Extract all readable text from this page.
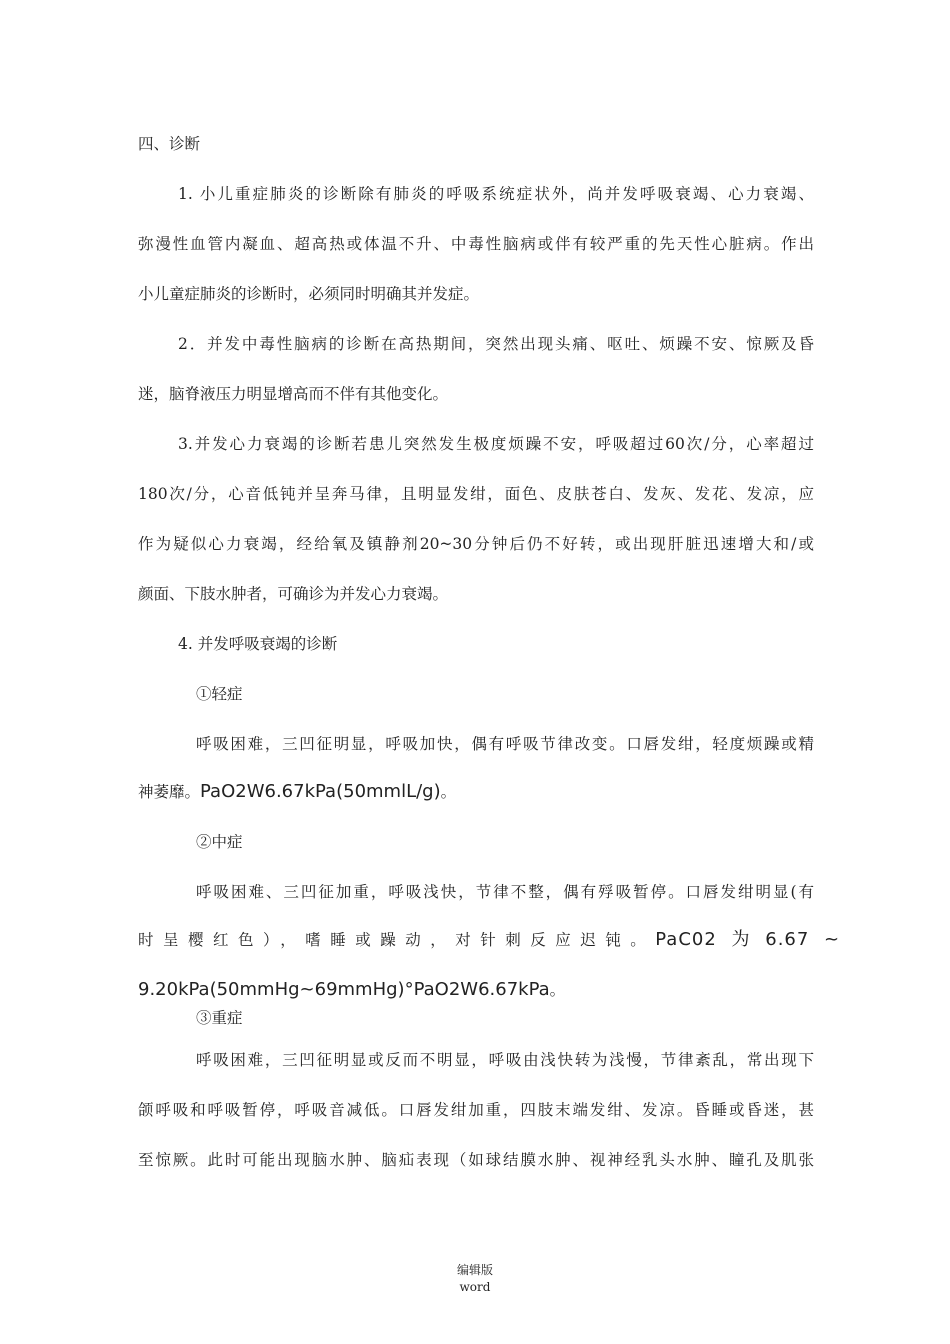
四、诊断
1. 小儿重症肺炎的诊断除有肺炎的呼吸系统症状外，尚并发呼吸衰竭、心力衰竭、
弥漫性血管内凝血、超高热或体温不升、中毒性脑病或伴有较严重的先天性心脏病。作出
小儿童症肺炎的诊断时，必须同时明确其并发症。
2．并发中毒性脑病的诊断在高热期间，突然出现头痛、呕吐、烦躁不安、惊厥及昏
迷，脑脊液压力明显增高而不伴有其他变化。
3.并发心力衰竭的诊断若患儿突然发生极度烦躁不安，呼吸超过60次/分，心率超过
180次/分，心音低钝并呈奔马律，且明显发绀，面色、皮肤苍白、发灰、发花、发凉，应
作为疑似心力衰竭，经给氧及镇静剂20~30分钟后仍不好转，或出现肝脏迅速增大和/或
颜面、下肢水肿者，可确诊为并发心力衰竭。
4. 并发呼吸衰竭的诊断
①轻症
呼吸困难，三凹征明显，呼吸加快，偶有呼吸节律改变。口唇发绀，轻度烦躁或精
神萎靡。PaO2W6.67kPa(50mmlL/g)。
②中症
呼吸困难、三凹征加重，呼吸浅快，节律不整，偶有殍吸暂停。口唇发绀明显(有
时呈樱红色），嗜睡或躁动，对针刺反应迟钝。 PaC02 为 6.67 ~
9.20kPa(50mmHg~69mmHg)°PaO2W6.67kPa。
③重症
呼吸困难，三凹征明显或反而不明显，呼吸由浅快转为浅慢，节律紊乱，常出现下
颌呼吸和呼吸暂停，呼吸音减低。口唇发绀加重，四肢末端发绀、发凉。昏睡或昏迷，甚
至惊厥。此时可能出现脑水肿、脑疝表现（如球结膜水肿、视神经乳头水肿、瞳孔及肌张
编辑版
word
